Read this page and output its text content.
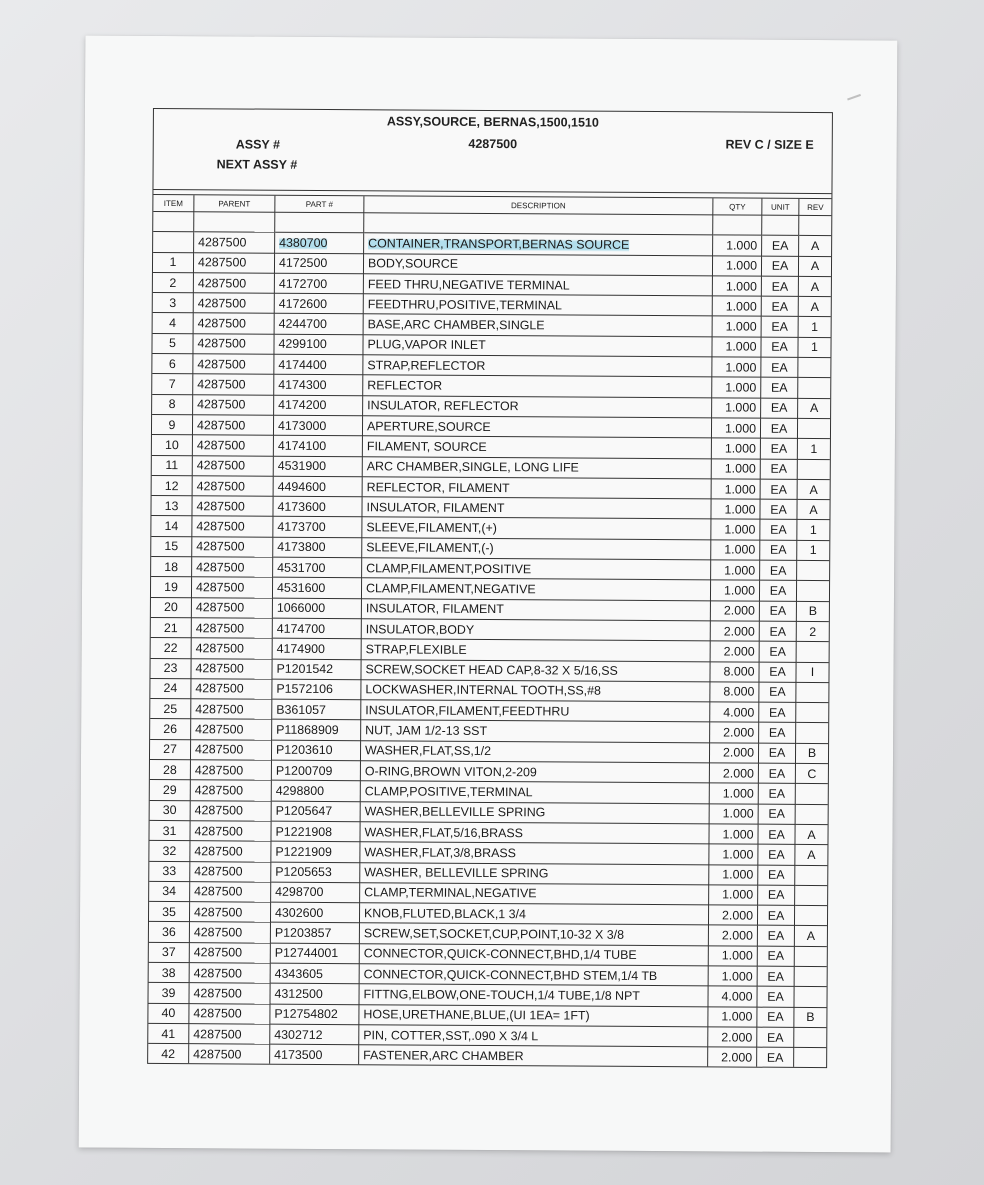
ASSY,SOURCE, BERNAS,1500,1510
4287500
ASSY #
NEXT ASSY #
REV C / SIZE E
ITEM	PARENT	PART #	DESCRIPTION	QTY	UNIT	REV

	4287500	4380700	CONTAINER,TRANSPORT,BERNAS SOURCE	1.000	EA	A
1	4287500	4172500	BODY,SOURCE	1.000	EA	A
2	4287500	4172700	FEED THRU,NEGATIVE TERMINAL	1.000	EA	A
3	4287500	4172600	FEEDTHRU,POSITIVE,TERMINAL	1.000	EA	A
4	4287500	4244700	BASE,ARC CHAMBER,SINGLE	1.000	EA	1
5	4287500	4299100	PLUG,VAPOR INLET	1.000	EA	1
6	4287500	4174400	STRAP,REFLECTOR	1.000	EA	
7	4287500	4174300	REFLECTOR	1.000	EA	
8	4287500	4174200	INSULATOR, REFLECTOR	1.000	EA	A
9	4287500	4173000	APERTURE,SOURCE	1.000	EA	
10	4287500	4174100	FILAMENT, SOURCE	1.000	EA	1
11	4287500	4531900	ARC CHAMBER,SINGLE, LONG LIFE	1.000	EA	
12	4287500	4494600	REFLECTOR, FILAMENT	1.000	EA	A
13	4287500	4173600	INSULATOR, FILAMENT	1.000	EA	A
14	4287500	4173700	SLEEVE,FILAMENT,(+)	1.000	EA	1
15	4287500	4173800	SLEEVE,FILAMENT,(-)	1.000	EA	1
18	4287500	4531700	CLAMP,FILAMENT,POSITIVE	1.000	EA	
19	4287500	4531600	CLAMP,FILAMENT,NEGATIVE	1.000	EA	
20	4287500	1066000	INSULATOR, FILAMENT	2.000	EA	B
21	4287500	4174700	INSULATOR,BODY	2.000	EA	2
22	4287500	4174900	STRAP,FLEXIBLE	2.000	EA	
23	4287500	P1201542	SCREW,SOCKET HEAD CAP,8-32 X 5/16,SS	8.000	EA	I
24	4287500	P1572106	LOCKWASHER,INTERNAL TOOTH,SS,#8	8.000	EA	
25	4287500	B361057	INSULATOR,FILAMENT,FEEDTHRU	4.000	EA	
26	4287500	P11868909	NUT, JAM 1/2-13 SST	2.000	EA	
27	4287500	P1203610	WASHER,FLAT,SS,1/2	2.000	EA	B
28	4287500	P1200709	O-RING,BROWN VITON,2-209	2.000	EA	C
29	4287500	4298800	CLAMP,POSITIVE,TERMINAL	1.000	EA	
30	4287500	P1205647	WASHER,BELLEVILLE SPRING	1.000	EA	
31	4287500	P1221908	WASHER,FLAT,5/16,BRASS	1.000	EA	A
32	4287500	P1221909	WASHER,FLAT,3/8,BRASS	1.000	EA	A
33	4287500	P1205653	WASHER, BELLEVILLE SPRING	1.000	EA	
34	4287500	4298700	CLAMP,TERMINAL,NEGATIVE	1.000	EA	
35	4287500	4302600	KNOB,FLUTED,BLACK,1 3/4	2.000	EA	
36	4287500	P1203857	SCREW,SET,SOCKET,CUP,POINT,10-32 X 3/8	2.000	EA	A
37	4287500	P12744001	CONNECTOR,QUICK-CONNECT,BHD,1/4 TUBE	1.000	EA	
38	4287500	4343605	CONNECTOR,QUICK-CONNECT,BHD STEM,1/4 TB	1.000	EA	
39	4287500	4312500	FITTNG,ELBOW,ONE-TOUCH,1/4 TUBE,1/8 NPT	4.000	EA	
40	4287500	P12754802	HOSE,URETHANE,BLUE,(UI 1EA= 1FT)	1.000	EA	B
41	4287500	4302712	PIN, COTTER,SST,.090 X 3/4 L	2.000	EA	
42	4287500	4173500	FASTENER,ARC CHAMBER	2.000	EA	
